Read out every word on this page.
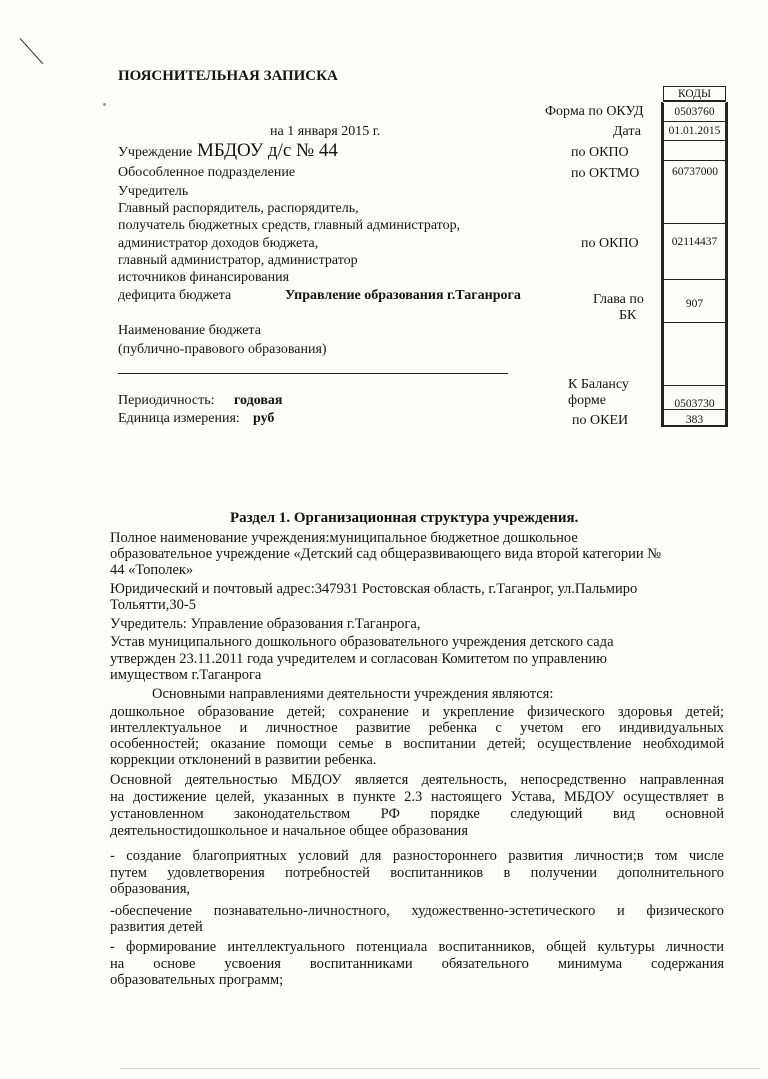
ПОЯСНИТЕЛЬНАЯ ЗАПИСКА
КОДЫ
0503760
01.01.2015
60737000
02114437
907
0503730
383
Форма по ОКУД
на 1 января 2015 г.	Дата
по ОКПО
по ОКТМО
по ОКПО
Глава по
БК
К Балансу
форме
по ОКЕИ
Учреждение МБДОУ д/с № 44
Обособленное подразделение
Учредитель
Главный распорядитель, распорядитель,
получатель бюджетных средств, главный администратор,
администратор доходов бюджета,
главный администратор, администратор
источников финансирования
дефицита бюджета	Управление образования г.Таганрога
Наименование бюджета
(публично-правового образования)
Периодичность: годовая
Единица измерения: руб
Раздел 1. Организационная структура учреждения.
Полное наименование учреждения:муниципальное бюджетное дошкольное
образовательное учреждение «Детский сад общеразвивающего вида второй категории №
44 «Тополек»
Юридический и почтовый адрес:347931 Ростовская область, г.Таганрог, ул.Пальмиро
Тольятти,30-5
Учредитель: Управление образования г.Таганрога,
Устав муниципального дошкольного образовательного учреждения детского сада
утвержден 23.11.2011 года учредителем и согласован Комитетом по управлению
имуществом г.Таганрога
Основными направлениями деятельности учреждения являются:
дошкольное образование детей; сохранение и укрепление физического здоровья детей;
интеллектуальное и личностное развитие ребенка с учетом его индивидуальных
особенностей; оказание помощи семье в воспитании детей; осуществление необходимой
коррекции отклонений в развитии ребенка.
Основной деятельностью МБДОУ является деятельность, непосредственно направленная
на достижение целей, указанных в пункте 2.3 настоящего Устава, МБДОУ осуществляет в
установленном законодательством РФ порядке следующий вид основной
деятельностидошкольное и начальное общее образования
- создание благоприятных условий для разностороннего развития личности;в том числе
путем удовлетворения потребностей воспитанников в получении дополнительного
образования,
-обеспечение познавательно-личностного, художественно-эстетического и физического
развития детей
- формирование интеллектуального потенциала воспитанников, общей культуры личности
на основе усвоения воспитанниками обязательного минимума содержания
образовательных программ;
